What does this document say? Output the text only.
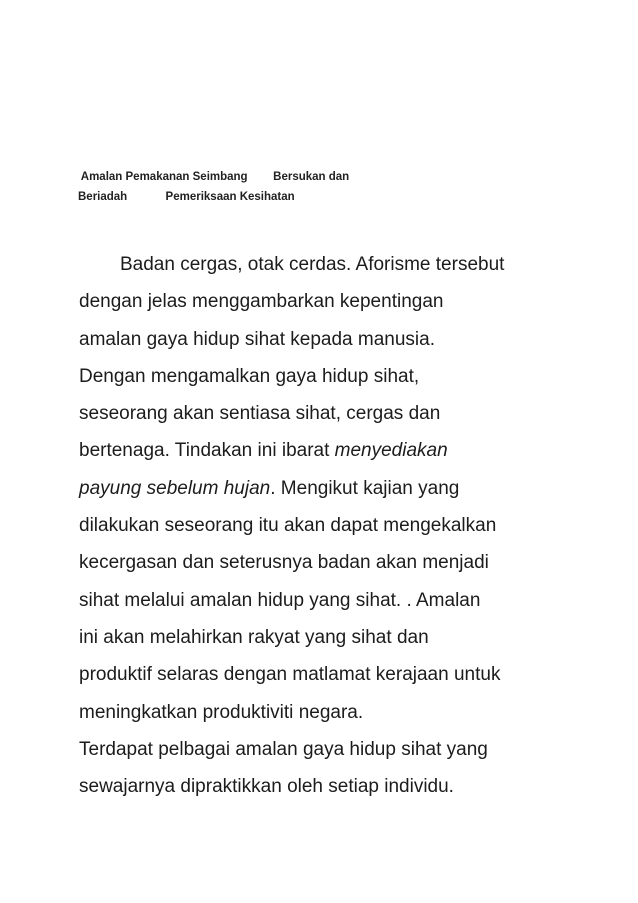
Amalan Pemakanan Seimbang        Bersukan dan
Beriadah            Pemeriksaan Kesihatan
Badan cergas, otak cerdas. Aforisme tersebut
dengan jelas menggambarkan kepentingan
amalan gaya hidup sihat kepada manusia.
Dengan mengamalkan gaya hidup sihat,
seseorang akan sentiasa sihat, cergas dan
bertenaga. Tindakan ini ibarat menyediakan
payung sebelum hujan. Mengikut kajian yang
dilakukan seseorang itu akan dapat mengekalkan
kecergasan dan seterusnya badan akan menjadi
sihat melalui amalan hidup yang sihat. . Amalan
ini akan melahirkan rakyat yang sihat dan
produktif selaras dengan matlamat kerajaan untuk
meningkatkan produktiviti negara.
Terdapat pelbagai amalan gaya hidup sihat yang
sewajarnya dipraktikkan oleh setiap individu.
